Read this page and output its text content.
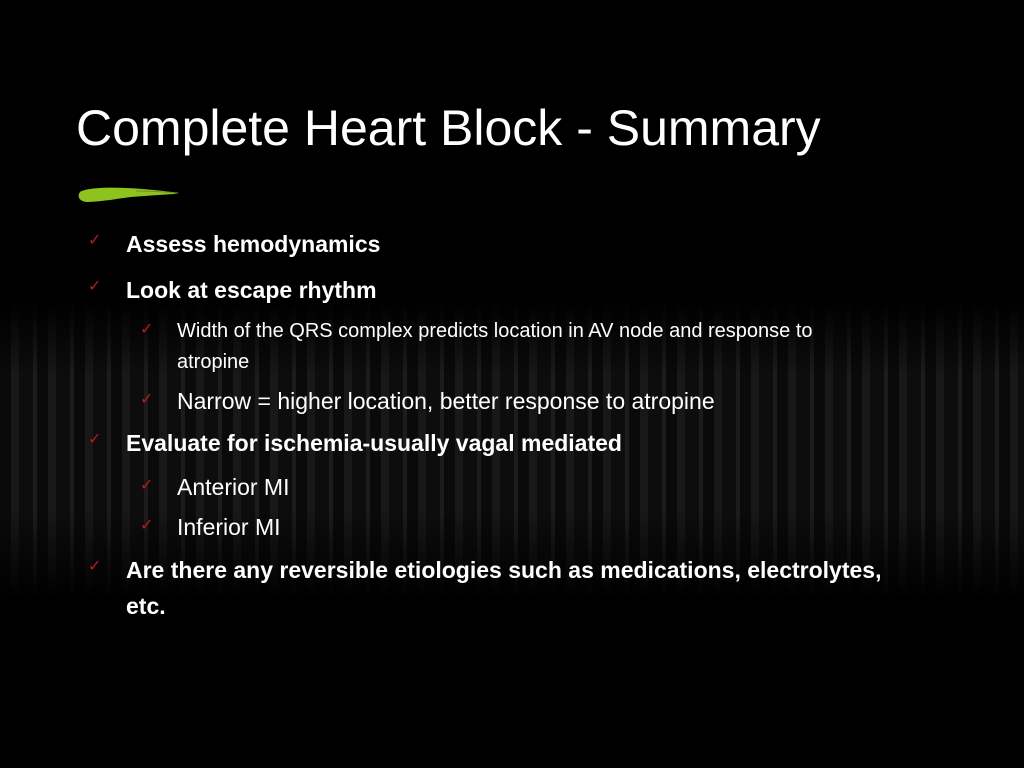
Complete Heart Block - Summary
✓ Assess hemodynamics
✓ Look at escape rhythm
✓	Width of the QRS complex predicts location in AV node and response to atropine
✓ Narrow = higher location, better response to atropine
✓ Evaluate for ischemia-usually vagal mediated
✓ Anterior MI
✓ Inferior MI
✓ Are there any reversible etiologies such as medications, electrolytes, etc.
